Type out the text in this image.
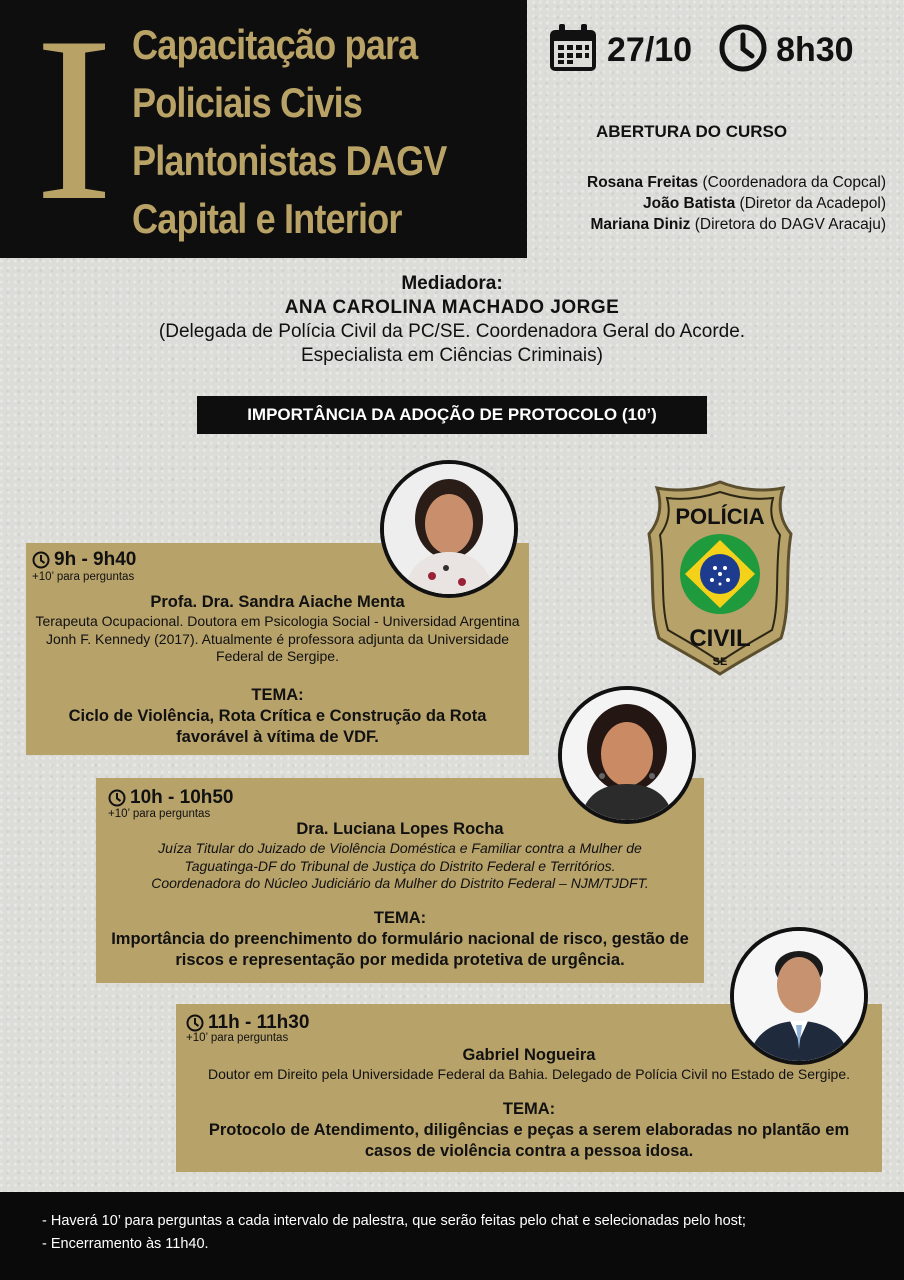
I Capacitação para
Policiais Civis
Plantonistas DAGV
Capital e Interior
27/10 8h30
ABERTURA DO CURSO
Rosana Freitas (Coordenadora da Copcal)
João Batista (Diretor da Acadepol)
Mariana Diniz (Diretora do DAGV Aracaju)
Mediadora:
ANA CAROLINA MACHADO JORGE
(Delegada de Polícia Civil da PC/SE. Coordenadora Geral do Acorde.
Especialista em Ciências Criminais)
IMPORTÂNCIA DA ADOÇÃO DE PROTOCOLO (10’)
POLÍCIA
CIVIL
SE
9h - 9h40
+10’ para perguntas
Profa. Dra. Sandra Aiache Menta
Terapeuta Ocupacional. Doutora em Psicologia Social - Universidad Argentina Jonh F. Kennedy (2017). Atualmente é professora adjunta da Universidade Federal de Sergipe.
TEMA:
Ciclo de Violência, Rota Crítica e Construção da Rota favorável à vítima de VDF.
10h - 10h50
+10’ para perguntas
Dra. Luciana Lopes Rocha
Juíza Titular do Juizado de Violência Doméstica e Familiar contra a Mulher de Taguatinga-DF do Tribunal de Justiça do Distrito Federal e Territórios. Coordenadora do Núcleo Judiciário da Mulher do Distrito Federal – NJM/TJDFT.
TEMA:
Importância do preenchimento do formulário nacional de risco, gestão de riscos e representação por medida protetiva de urgência.
11h - 11h30
+10’ para perguntas
Gabriel Nogueira
Doutor em Direito pela Universidade Federal da Bahia. Delegado de Polícia Civil no Estado de Sergipe.
TEMA:
Protocolo de Atendimento, diligências e peças a serem elaboradas no plantão em casos de violência contra a pessoa idosa.
- Haverá 10’ para perguntas a cada intervalo de palestra, que serão feitas pelo chat e selecionadas pelo host;
- Encerramento às 11h40.
